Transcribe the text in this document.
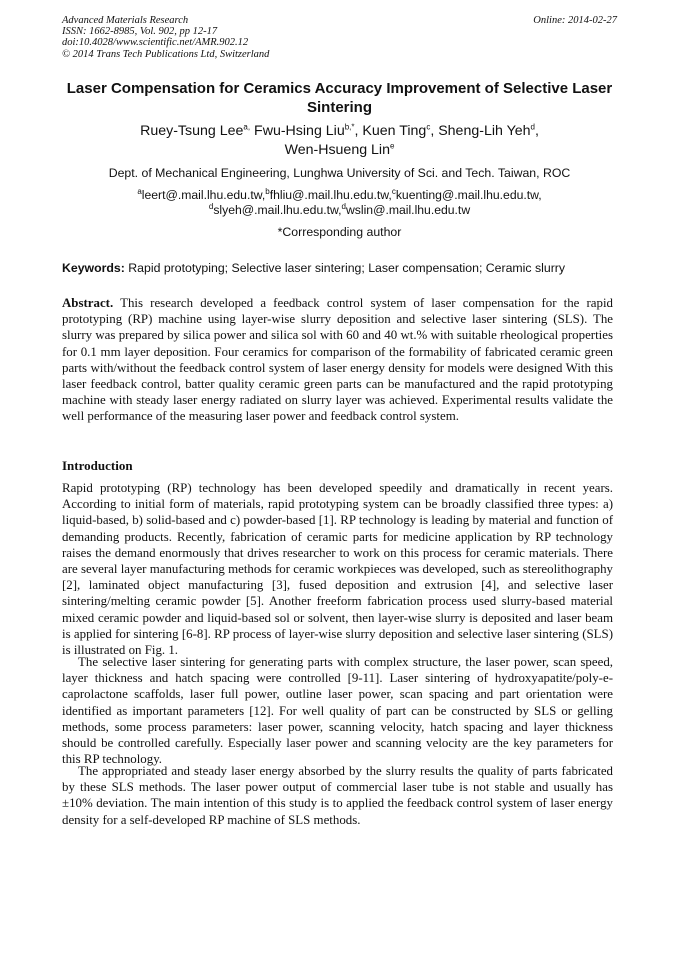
Advanced Materials Research
ISSN: 1662-8985, Vol. 902, pp 12-17
doi:10.4028/www.scientific.net/AMR.902.12
© 2014 Trans Tech Publications Ltd, Switzerland
Online: 2014-02-27
Laser Compensation for Ceramics Accuracy Improvement of Selective Laser Sintering
Ruey-Tsung Lee$^{a,}$ Fwu-Hsing Liu$^{b,*}$, Kuen Ting$^c$, Sheng-Lih Yeh$^d$,
Wen-Hsueng Lin$^e$
Dept. of Mechanical Engineering, Lunghwa University of Sci. and Tech. Taiwan, ROC
$^a$leert@.mail.lhu.edu.tw,$^b$fhliu@.mail.lhu.edu.tw,$^c$kuenting@.mail.lhu.edu.tw,
$^d$slyeh@.mail.lhu.edu.tw,$^d$wslin@.mail.lhu.edu.tw
*Corresponding author
Keywords: Rapid prototyping; Selective laser sintering; Laser compensation; Ceramic slurry
Abstract. This research developed a feedback control system of laser compensation for the rapid prototyping (RP) machine using layer-wise slurry deposition and selective laser sintering (SLS). The slurry was prepared by silica power and silica sol with 60 and 40 wt.% with suitable rheological properties for 0.1 mm layer deposition. Four ceramics for comparison of the formability of fabricated ceramic green parts with/without the feedback control system of laser energy density for models were designed With this laser feedback control, batter quality ceramic green parts can be manufactured and the rapid prototyping machine with steady laser energy radiated on slurry layer was achieved. Experimental results validate the well performance of the measuring laser power and feedback control system.
Introduction
Rapid prototyping (RP) technology has been developed speedily and dramatically in recent years. According to initial form of materials, rapid prototyping system can be broadly classified three types: a) liquid-based, b) solid-based and c) powder-based [1]. RP technology is leading by material and function of demanding products. Recently, fabrication of ceramic parts for medicine application by RP technology raises the demand enormously that drives researcher to work on this process for ceramic materials. There are several layer manufacturing methods for ceramic workpieces was developed, such as stereolithography [2], laminated object manufacturing [3], fused deposition and extrusion [4], and selective laser sintering/melting ceramic powder [5]. Another freeform fabrication process used slurry-based material mixed ceramic powder and liquid-based sol or solvent, then layer-wise slurry is deposited and laser beam is applied for sintering [6-8]. RP process of layer-wise slurry deposition and selective laser sintering (SLS) is illustrated on Fig. 1.
The selective laser sintering for generating parts with complex structure, the laser power, scan speed, layer thickness and hatch spacing were controlled [9-11]. Laser sintering of hydroxyapatite/poly-e-caprolactone scaffolds, laser full power, outline laser power, scan spacing and part orientation were identified as important parameters [12]. For well quality of part can be constructed by SLS or gelling methods, some process parameters: laser power, scanning velocity, hatch spacing and layer thickness should be controlled carefully. Especially laser power and scanning velocity are the key parameters for this RP technology.
The appropriated and steady laser energy absorbed by the slurry results the quality of parts fabricated by these SLS methods. The laser power output of commercial laser tube is not stable and usually has ±10% deviation. The main intention of this study is to applied the feedback control system of laser energy density for a self-developed RP machine of SLS methods.
